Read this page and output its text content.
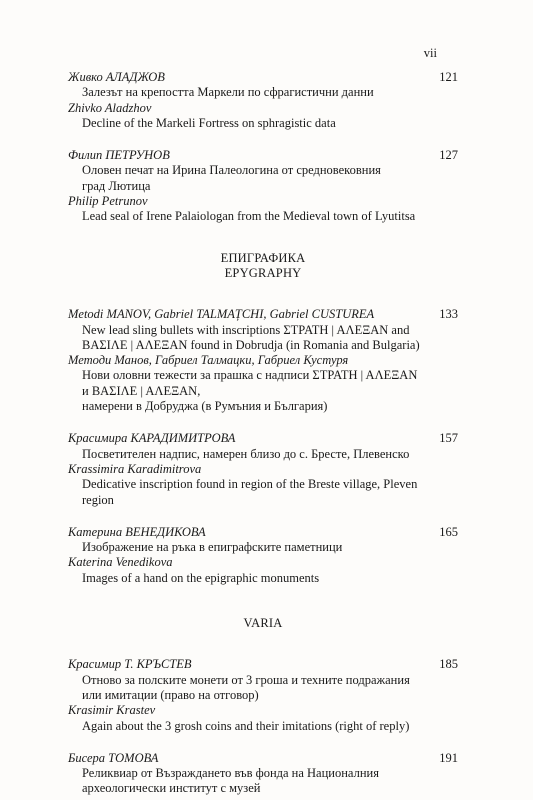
vii
Живко АЛАДЖОВ	121
Залезът на крепостта Маркели по сфрагистични данни
Zhivko Aladzhov
Decline of the Markeli Fortress on sphragistic data
Филип ПЕТРУНОВ	127
Оловен печат на Ирина Палеологина от средновековния
град Лютица
Philip Petrunov
Lead seal of Irene Palaiologan from the Medieval town of Lyutitsa
ЕПИГРАФИКА
EPYGRAPHY
Metodi MANOV, Gabriel TALMAȚCHI, Gabriel CUSTUREA	133
New lead sling bullets with inscriptions ΣΤΡΑΤΗ | ΑΛΕΞΑΝ and
ΒΑΣΙΛΕ | ΑΛΕΞΑΝ found in Dobrudja (in Romania and Bulgaria)
Методи Манов, Габриел Талмацки, Габриел Кустуря
Нови оловни тежести за прашка с надписи ΣΤΡΑΤΗ | ΑΛΕΞΑΝ
и ΒΑΣΙΛΕ | ΑΛΕΞΑΝ,
намерени в Добруджа (в Румъния и България)
Красимира КАРАДИМИТРОВА	157
Посветителен надпис, намерен близо до с. Бресте, Плевенско
Krassimira Karadimitrova
Dedicative inscription found in region of the Breste village, Pleven
region
Катерина ВЕНЕДИКОВА	165
Изображение на ръка в епиграфските паметници
Katerina Venedikova
Images of a hand on the epigraphic monuments
VARIA
Красимир Т. КРЪСТЕВ	185
Отново за полските монети от 3 гроша и техните подражания
или имитации (право на отговор)
Krasimir Krastev
Again about the 3 grosh coins and their imitations (right of reply)
Бисера ТОМОВА	191
Реликвиар от Възраждането във фонда на Националния
археологически институт с музей
